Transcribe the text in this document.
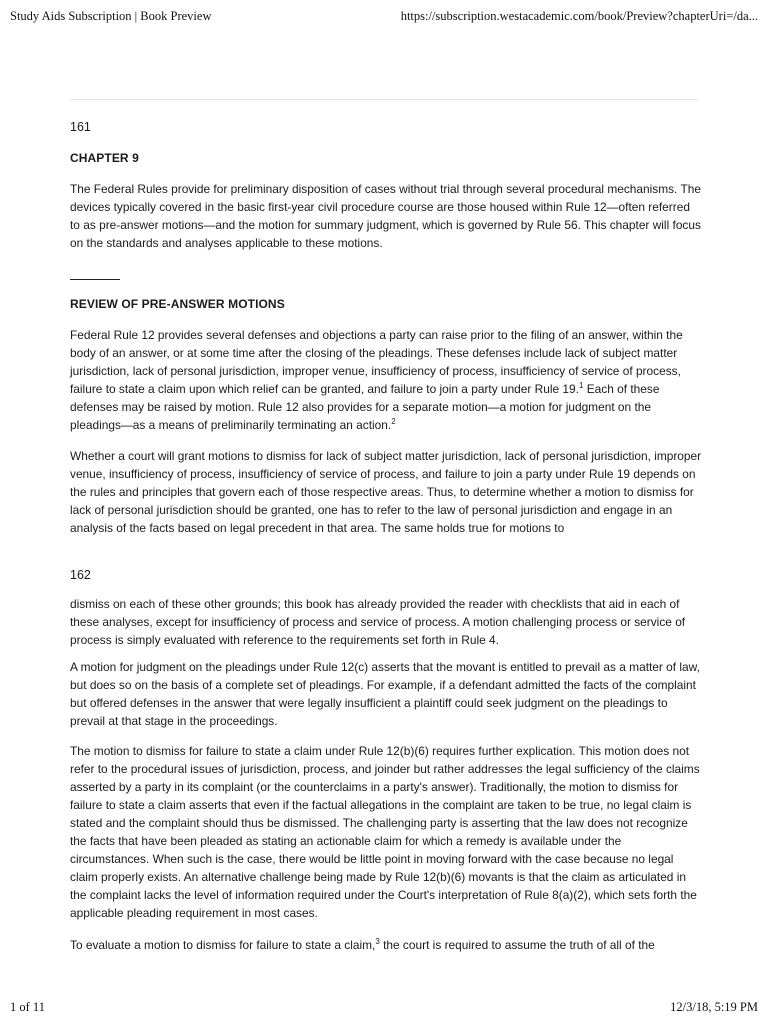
Study Aids Subscription | Book Preview	https://subscription.westacademic.com/book/Preview?chapterUri=/da...
161
CHAPTER 9

The Federal Rules provide for preliminary disposition of cases without trial through several procedural mechanisms. The devices typically covered in the basic first-year civil procedure course are those housed within Rule 12—often referred to as pre-answer motions—and the motion for summary judgment, which is governed by Rule 56. This chapter will focus on the standards and analyses applicable to these motions.

REVIEW OF PRE-ANSWER MOTIONS

Federal Rule 12 provides several defenses and objections a party can raise prior to the filing of an answer, within the body of an answer, or at some time after the closing of the pleadings. These defenses include lack of subject matter jurisdiction, lack of personal jurisdiction, improper venue, insufficiency of process, insufficiency of service of process, failure to state a claim upon which relief can be granted, and failure to join a party under Rule 19.$^1$ Each of these defenses may be raised by motion. Rule 12 also provides for a separate motion—a motion for judgment on the pleadings—as a means of preliminarily terminating an action.$^2$

Whether a court will grant motions to dismiss for lack of subject matter jurisdiction, lack of personal jurisdiction, improper venue, insufficiency of process, insufficiency of service of process, and failure to join a party under Rule 19 depends on the rules and principles that govern each of those respective areas. Thus, to determine whether a motion to dismiss for lack of personal jurisdiction should be granted, one has to refer to the law of personal jurisdiction and engage in an analysis of the facts based on legal precedent in that area. The same holds true for motions to

162

dismiss on each of these other grounds; this book has already provided the reader with checklists that aid in each of these analyses, except for insufficiency of process and service of process. A motion challenging process or service of process is simply evaluated with reference to the requirements set forth in Rule 4.

A motion for judgment on the pleadings under Rule 12(c) asserts that the movant is entitled to prevail as a matter of law, but does so on the basis of a complete set of pleadings. For example, if a defendant admitted the facts of the complaint but offered defenses in the answer that were legally insufficient a plaintiff could seek judgment on the pleadings to prevail at that stage in the proceedings.

The motion to dismiss for failure to state a claim under Rule 12(b)(6) requires further explication. This motion does not refer to the procedural issues of jurisdiction, process, and joinder but rather addresses the legal sufficiency of the claims asserted by a party in its complaint (or the counterclaims in a party's answer). Traditionally, the motion to dismiss for failure to state a claim asserts that even if the factual allegations in the complaint are taken to be true, no legal claim is stated and the complaint should thus be dismissed. The challenging party is asserting that the law does not recognize the facts that have been pleaded as stating an actionable claim for which a remedy is available under the circumstances. When such is the case, there would be little point in moving forward with the case because no legal claim properly exists. An alternative challenge being made by Rule 12(b)(6) movants is that the claim as articulated in the complaint lacks the level of information required under the Court's interpretation of Rule 8(a)(2), which sets forth the applicable pleading requirement in most cases.

To evaluate a motion to dismiss for failure to state a claim,$^3$ the court is required to assume the truth of all of the

1 of 11	12/3/18, 5:19 PM
